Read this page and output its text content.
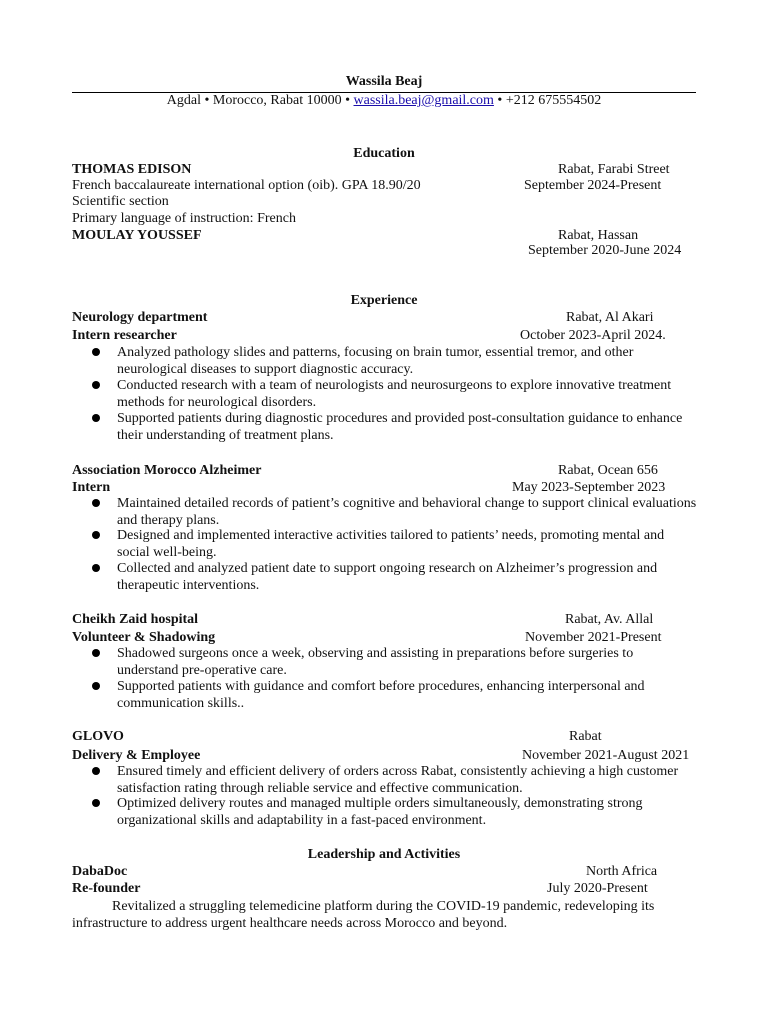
Wassila Beaj
Agdal • Morocco, Rabat 10000 • wassila.beaj@gmail.com • +212 675554502
Education
THOMAS EDISON	Rabat, Farabi Street
French baccalaureate international option (oib). GPA 18.90/20	September 2024-Present
Scientific section
Primary language of instruction: French
MOULAY YOUSSEF	Rabat, Hassan
September 2020-June 2024
Experience
Neurology department	Rabat, Al Akari
Intern researcher	October 2023-April 2024.
Analyzed pathology slides and patterns, focusing on brain tumor, essential tremor, and other neurological diseases to support diagnostic accuracy.
Conducted research with a team of neurologists and neurosurgeons to explore innovative treatment methods for neurological disorders.
Supported patients during diagnostic procedures and provided post-consultation guidance to enhance their understanding of treatment plans.
Association Morocco Alzheimer	Rabat, Ocean 656
Intern	May 2023-September 2023
Maintained detailed records of patient’s cognitive and behavioral change to support clinical evaluations and therapy plans.
Designed and implemented interactive activities tailored to patients’ needs, promoting mental and social well-being.
Collected and analyzed patient date to support ongoing research on Alzheimer’s progression and therapeutic interventions.
Cheikh Zaid hospital	Rabat, Av. Allal
Volunteer & Shadowing	November 2021-Present
Shadowed surgeons once a week, observing and assisting in preparations before surgeries to understand pre-operative care.
Supported patients with guidance and comfort before procedures, enhancing interpersonal and communication skills..
GLOVO	Rabat
Delivery & Employee	November 2021-August 2021
Ensured timely and efficient delivery of orders across Rabat, consistently achieving a high customer satisfaction rating through reliable service and effective communication.
Optimized delivery routes and managed multiple orders simultaneously, demonstrating strong organizational skills and adaptability in a fast-paced environment.
Leadership and Activities
DabaDoc	North Africa
Re-founder	July 2020-Present
Revitalized a struggling telemedicine platform during the COVID-19 pandemic, redeveloping its infrastructure to address urgent healthcare needs across Morocco and beyond.
